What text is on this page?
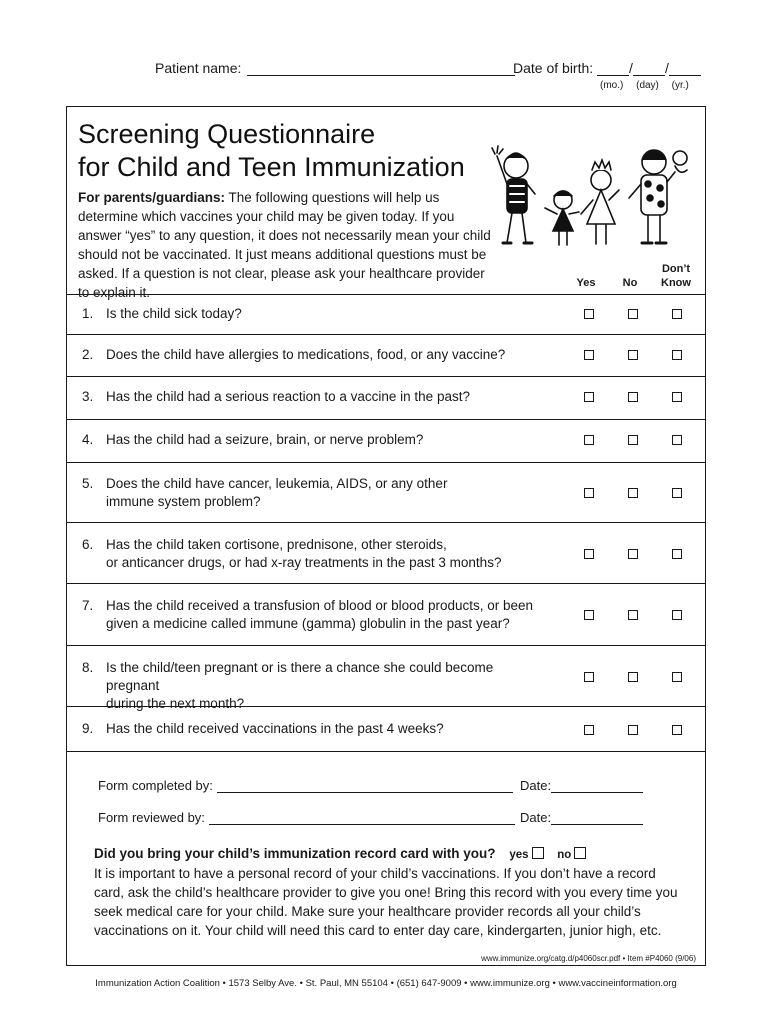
Patient name:	Date of birth:	/ /
(mo.) (day) (yr.)
Screening Questionnaire
for Child and Teen Immunization
For parents/guardians: The following questions will help us determine which vaccines your child may be given today. If you answer “yes” to any question, it does not necessarily mean your child should not be vaccinated. It just means additional questions must be asked. If a question is not clear, please ask your healthcare provider to explain it.
Yes	No
Don’t
Know
1. Is the child sick today?
2. Does the child have allergies to medications, food, or any vaccine?
3. Has the child had a serious reaction to a vaccine in the past?
4. Has the child had a seizure, brain, or nerve problem?
5. Does the child have cancer, leukemia, AIDS, or any other
immune system problem?
6. Has the child taken cortisone, prednisone, other steroids,
or anticancer drugs, or had x-ray treatments in the past 3 months?
7. Has the child received a transfusion of blood or blood products, or been
given a medicine called immune (gamma) globulin in the past year?
8. Is the child/teen pregnant or is there a chance she could become pregnant
during the next month?
9. Has the child received vaccinations in the past 4 weeks?
Form completed by:	Date:
Form reviewed by:	Date:
Did you bring your child’s immunization record card with you? yes	no
It is important to have a personal record of your child’s vaccinations. If you don’t have a record card, ask the child’s healthcare provider to give you one! Bring this record with you every time you seek medical care for your child. Make sure your healthcare provider records all your child’s vaccinations on it. Your child will need this card to enter day care, kindergarten, junior high, etc.
www.immunize.org/catg.d/p4060scr.pdf • Item #P4060 (9/06)
Immunization Action Coalition • 1573 Selby Ave. • St. Paul, MN 55104 • (651) 647-9009 • www.immunize.org • www.vaccineinformation.org
